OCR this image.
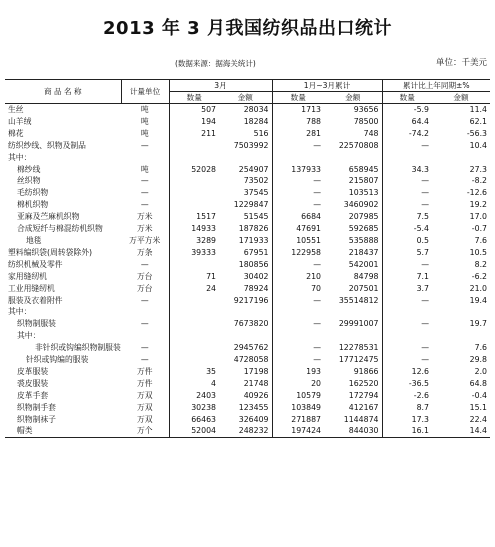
2013 年 3 月我国纺织品出口统计
(数据来源：据海关统计)	单位：千美元
商 品 名 称	计量单位	3月		1月~3月累计		累计比上年同期±%	
		数量	金额	数量	金额	数量	金额
生丝	吨	507	28034	1713	93656	-5.9	11.4
山羊绒	吨	194	18284	788	78500	64.4	62.1
棉花	吨	211	516	281	748	-74.2	-56.3
纺织纱线、织物及制品	—		7503992	—	22570808	—	10.4
其中：							
棉纱线	吨	52028	254907	137933	658945	34.3	27.3
丝织物	—		73502	—	215807	—	-8.2
毛纺织物	—		37545	—	103513	—	-12.6
棉机织物	—		1229847	—	3460902	—	19.2
亚麻及苎麻机织物	万米	1517	51545	6684	207985	7.5	17.0
合成短纤与棉混纺机织物	万米	14933	187826	47691	592685	-5.4	-0.7
地毯	万平方米	3289	171933	10551	535888	0.5	7.6
塑料编织袋(周转袋除外)	万条	39333	67951	122958	218437	5.7	10.5
纺织机械及零件	—		180856	—	542001	—	8.2
家用缝纫机	万台	71	30402	210	84798	7.1	-6.2
工业用缝纫机	万台	24	78924	70	207501	3.7	21.0
服装及衣着附件	—		9217196	—	35514812	—	19.4
其中：							
织物制服装	—		7673820	—	29991007	—	19.7
其中：							
非针织或钩编织物制服装	—		2945762	—	12278531	—	7.6
针织或钩编的服装	—		4728058	—	17712475	—	29.8
皮革服装	万件	35	17198	193	91866	12.6	2.0
裘皮服装	万件	4	21748	20	162520	-36.5	64.8
皮革手套	万双	2403	40926	10579	172794	-2.6	-0.4
织物制手套	万双	30238	123455	103849	412167	8.7	15.1
织物制袜子	万双	66463	326409	271887	1144874	17.3	22.4
帽类	万个	52004	248232	197424	844030	16.1	14.4
